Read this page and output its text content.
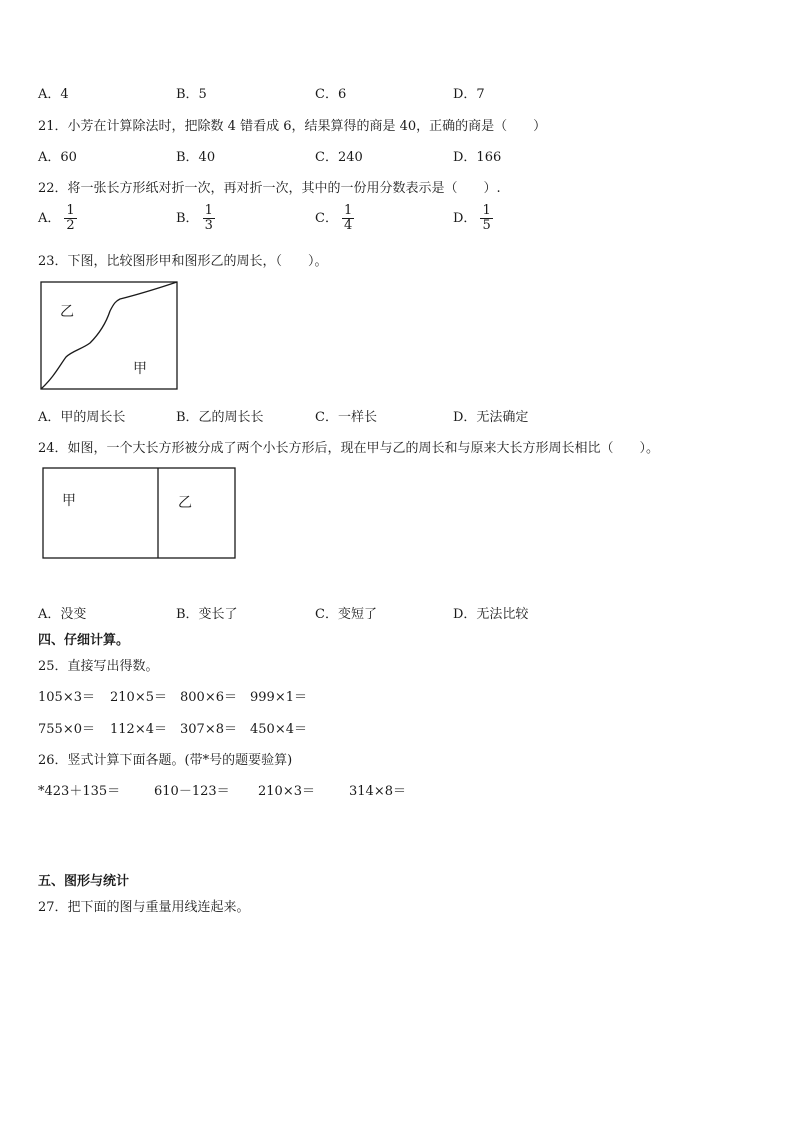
A．4	B．5	C．6	D．7
21．小芳在计算除法时，把除数 4 错看成 6，结果算得的商是 40，正确的商是（　　）
A．60	B．40	C．240	D．166
22．将一张长方形纸对折一次，再对折一次，其中的一份用分数表示是（　　）.
A． $\frac{1}{2}$	B． $\frac{1}{3}$	C． $\frac{1}{4}$	D． $\frac{1}{5}$
23．下图，比较图形甲和图形乙的周长，（　　）。
乙
甲
A．甲的周长长	B．乙的周长长	C．一样长	D．无法确定
24．如图，一个大长方形被分成了两个小长方形后，现在甲与乙的周长和与原来大长方形周长相比（　　）。
甲	乙
A．没变	B．变长了	C．变短了	D．无法比较
四、仔细计算。
25．直接写出得数。
105×3＝ 210×5＝ 800×6＝ 999×1＝
755×0＝ 112×4＝ 307×8＝ 450×4＝
26．竖式计算下面各题。(带*号的题要验算)
*423＋135＝	610－123＝ 210×3＝	314×8＝
五、图形与统计
27．把下面的图与重量用线连起来。
